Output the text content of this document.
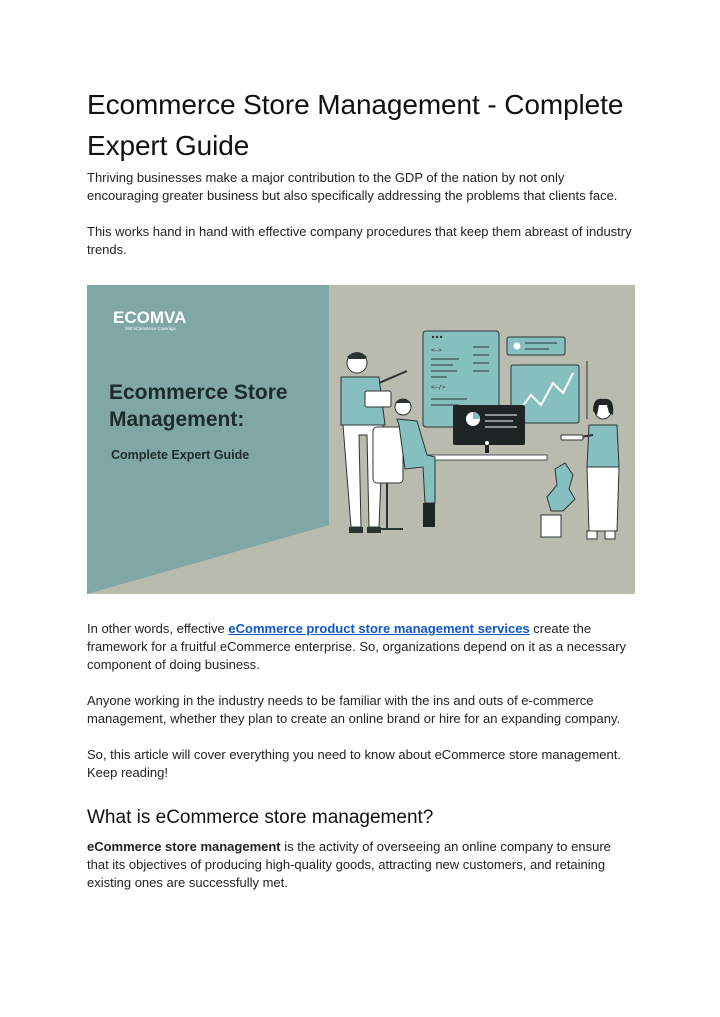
Ecommerce Store Management - Complete Expert Guide

Thriving businesses make a major contribution to the GDP of the nation by not only encouraging greater business but also specifically addressing the problems that clients face.

This works hand in hand with effective company procedures that keep them abreast of industry trends.

ECOMVA
360°eCommerce Coverage
Ecommerce Store
Management:
Complete Expert Guide
<—>
<—/>

In other words, effective eCommerce product store management services create the framework for a fruitful eCommerce enterprise. So, organizations depend on it as a necessary component of doing business.

Anyone working in the industry needs to be familiar with the ins and outs of e-commerce management, whether they plan to create an online brand or hire for an expanding company.

So, this article will cover everything you need to know about eCommerce store management. Keep reading!

What is eCommerce store management?

eCommerce store management is the activity of overseeing an online company to ensure that its objectives of producing high-quality goods, attracting new customers, and retaining existing ones are successfully met.
